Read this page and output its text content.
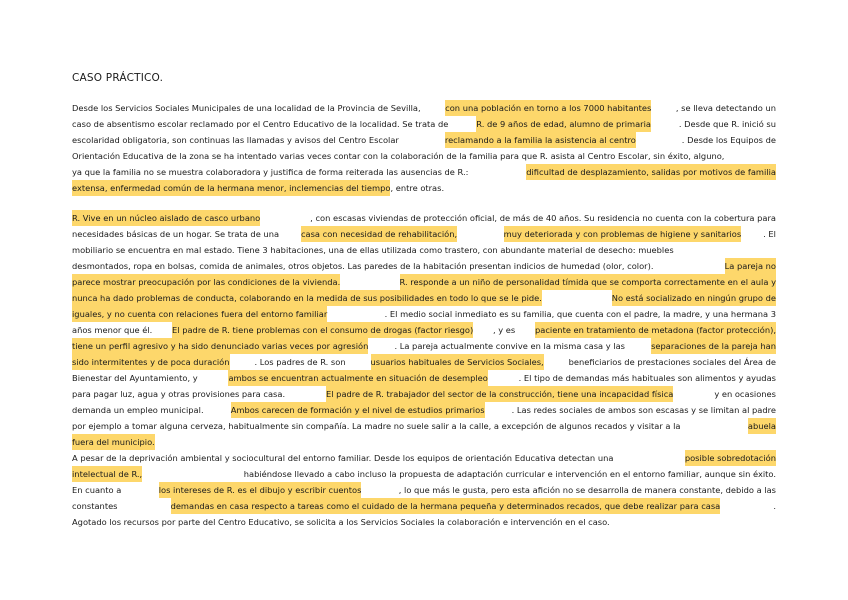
CASO PRÁCTICO.
Desde los Servicios Sociales Municipales de una localidad de la Provincia de Sevilla,	con una población en torno a los 7000 habitantes	, se lleva detectando un
caso de absentismo escolar reclamado por el Centro Educativo de la localidad. Se trata de	R. de 9 años de edad, alumno de primaria	. Desde que R. inició su
escolaridad obligatoria, son continuas las llamadas y avisos del Centro Escolar	reclamando a la familia la asistencia al centro	. Desde los Equipos de
Orientación Educativa de la zona se ha intentado varias veces contar con la colaboración de la familia para que R. asista al Centro Escolar, sin éxito, alguno,
ya que la familia no se muestra colaboradora y justifica de forma reiterada las ausencias de R.:	dificultad de desplazamiento, salidas por motivos de familia
extensa, enfermedad común de la hermana menor, inclemencias del tiempo , entre otras.
R. Vive en un núcleo aislado de casco urbano	, con escasas viviendas de protección oficial, de más de 40 años. Su residencia no cuenta con la cobertura para
necesidades básicas de un hogar. Se trata de una	casa con necesidad de rehabilitación,
	muy deteriorada y con problemas de higiene y sanitarios	. El
mobiliario se encuentra en mal estado. Tiene 3 habitaciones, una de ellas utilizada como trastero, con abundante material de desecho: muebles
desmontados, ropa en bolsas, comida de animales, otros objetos. Las paredes de la habitación presentan indicios de humedad (olor, color).	La pareja no
parece mostrar preocupación por las condiciones de la vivienda.
	R. responde a un niño de personalidad tímida que se comporta correctamente en el aula y
nunca ha dado problemas de conducta, colaborando en la medida de sus posibilidades en todo lo que se le pide.
	No está socializado en ningún grupo de
iguales, y no cuenta con relaciones fuera del entorno familiar	. El medio social inmediato es su familia, que cuenta con el padre, la madre, y una hermana 3
años menor que él. El padre de R. tiene problemas con el consumo de drogas (factor riesgo) , y es paciente en tratamiento de metadona (factor protección),
tiene un perfil agresivo y ha sido denunciado varias veces por agresión	. La pareja actualmente convive en la misma casa y las	separaciones de la pareja han
sido intermitentes y de poca duración	. Los padres de R. son	usuarios habituales de Servicios Sociales,	beneficiarios de prestaciones sociales del Área de
Bienestar del Ayuntamiento, y	ambos se encuentran actualmente en situación de desempleo	. El tipo de demandas más habituales son alimentos y ayudas
para pagar luz, agua y otras provisiones para casa.	El padre de R. trabajador del sector de la construcción, tiene una incapacidad física	y en ocasiones
demanda un empleo municipal.	Ambos carecen de formación y el nivel de estudios primarios	. Las redes sociales de ambos son escasas y se limitan al padre
por ejemplo a tomar alguna cerveza, habitualmente sin compañía. La madre no suele salir a la calle, a excepción de algunos recados y visitar a la	abuela
fuera del municipio.
A pesar de la deprivación ambiental y sociocultural del entorno familiar. Desde los equipos de orientación Educativa detectan una	posible sobredotación
intelectual de R.,	habiéndose llevado a cabo incluso la propuesta de adaptación curricular e intervención en el entorno familiar, aunque sin éxito.
En cuanto a	los intereses de R. es el dibujo y escribir cuentos	, lo que más le gusta, pero esta afición no se desarrolla de manera constante, debido a las
constantes	demandas en casa respecto a tareas como el cuidado de la hermana pequeña y determinados recados, que debe realizar para casa	.
Agotado los recursos por parte del Centro Educativo, se solicita a los Servicios Sociales la colaboración e intervención en el caso.
